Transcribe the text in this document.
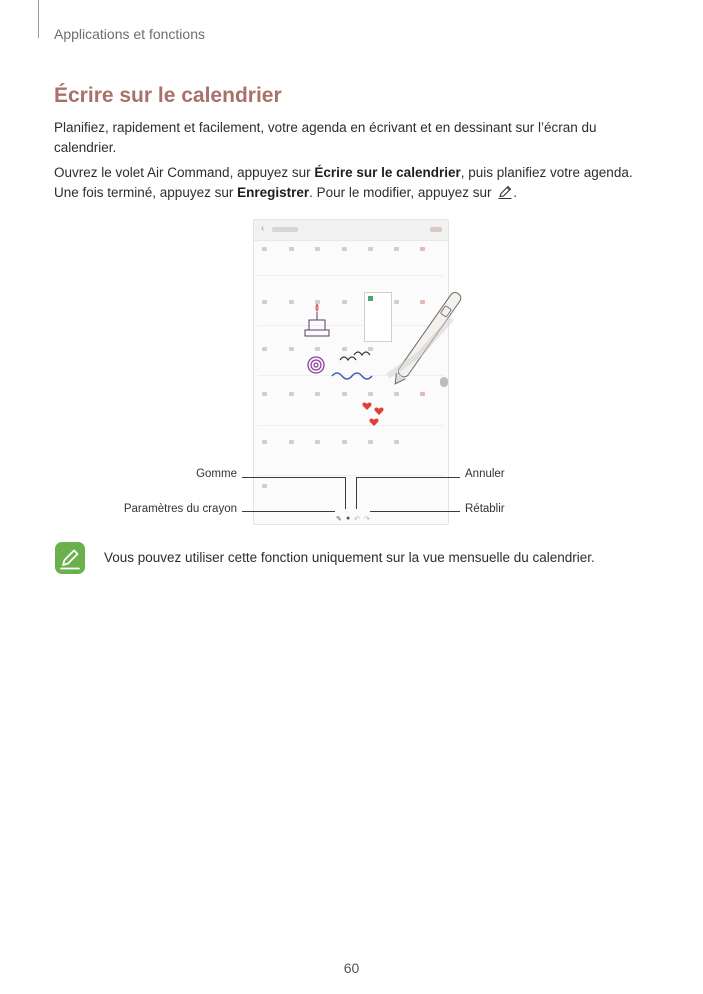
Applications et fonctions
Écrire sur le calendrier

Planifiez, rapidement et facilement, votre agenda en écrivant et en dessinant sur l’écran du calendrier.

Ouvrez le volet Air Command, appuyez sur Écrire sur le calendrier, puis planifiez votre agenda. Une fois terminé, appuyez sur Enregistrer. Pour le modifier, appuyez sur .

‹
✎ ● ↶ ↷
Gomme
Paramètres du crayon
Annuler
Rétablir
Vous pouvez utiliser cette fonction uniquement sur la vue mensuelle du calendrier.
60
